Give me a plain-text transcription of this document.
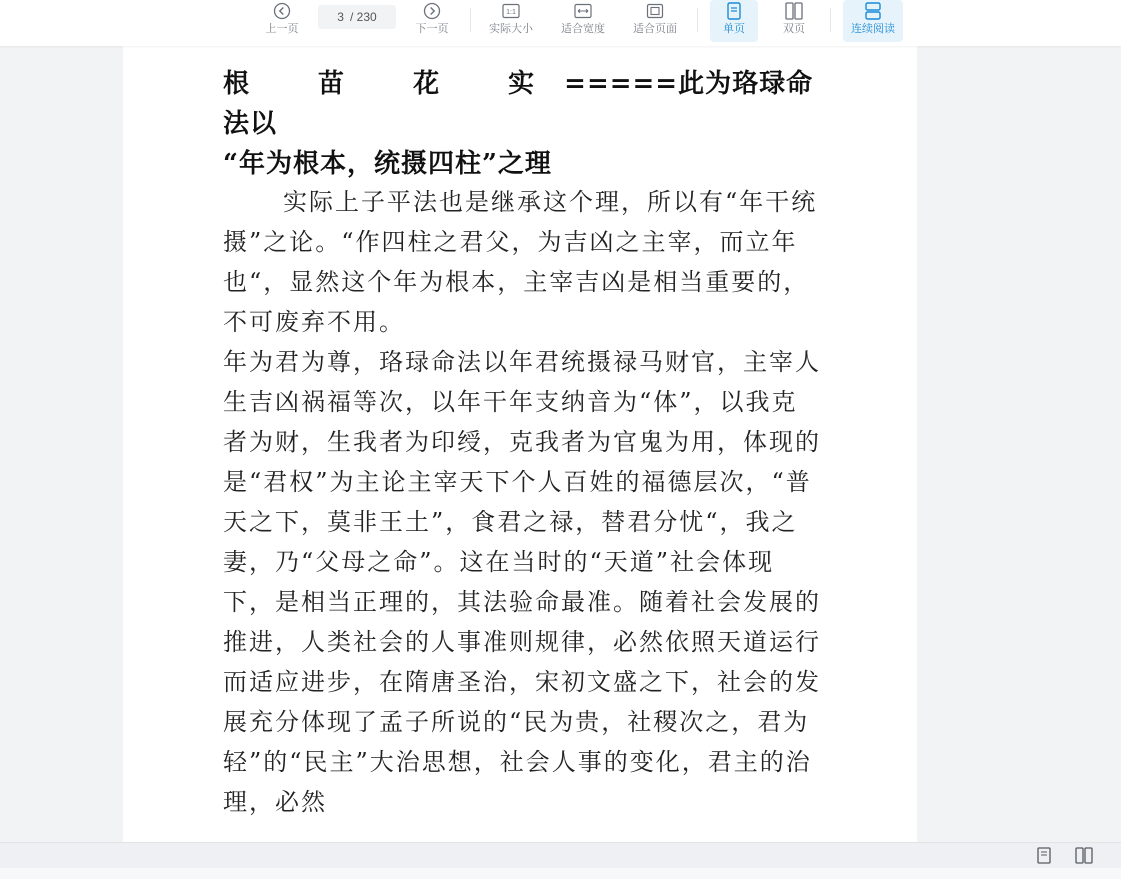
上一页
3 / 230
下一页
1:1
实际大小	适合宽度	适合页面	单页	双页	连续阅读
根 苗 花 实=====此为珞琭命法以
“年为根本，统摄四柱”之理

实际上子平法也是继承这个理，所以有“年干统摄”之论。“作四柱之君父，为吉凶之主宰，而立年也“，显然这个年为根本，主宰吉凶是相当重要的，不可废弃不用。

年为君为尊，珞琭命法以年君统摄禄马财官，主宰人生吉凶祸福等次，以年干年支纳音为“体”，以我克者为财，生我者为印绶，克我者为官鬼为用，体现的是“君权”为主论主宰天下个人百姓的福德层次，“普天之下，莫非王土”，食君之禄，替君分忧“，我之妻，乃“父母之命”。这在当时的“天道”社会体现下，是相当正理的，其法验命最准。随着社会发展的推进，人类社会的人事准则规律，必然依照天道运行而适应进步，在隋唐圣治，宋初文盛之下，社会的发展充分体现了孟子所说的“民为贵，社稷次之，君为轻”的“民主”大治思想，社会人事的变化，君主的治理，必然
